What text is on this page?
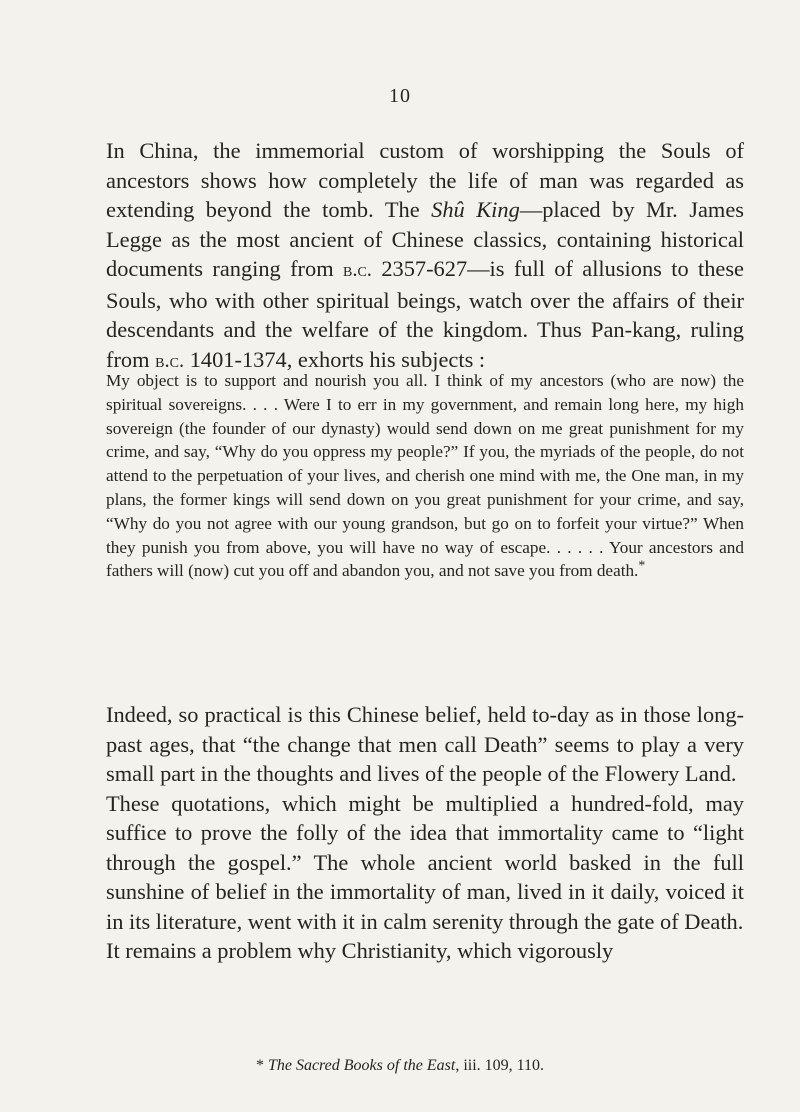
10

In China, the immemorial custom of worshipping the Souls of ancestors shows how completely the life of man was regarded as extending beyond the tomb. The Shû King—placed by Mr. James Legge as the most ancient of Chinese classics, containing historical documents ranging from b.c. 2357-627—is full of allusions to these Souls, who with other spiritual beings, watch over the affairs of their descendants and the welfare of the kingdom. Thus Pan-kang, ruling from b.c. 1401-1374, exhorts his subjects :

My object is to support and nourish you all. I think of my ancestors (who are now) the spiritual sovereigns. . . . Were I to err in my government, and remain long here, my high sovereign (the founder of our dynasty) would send down on me great punishment for my crime, and say, “Why do you oppress my people?” If you, the myriads of the people, do not attend to the perpetuation of your lives, and cherish one mind with me, the One man, in my plans, the former kings will send down on you great punishment for your crime, and say, “Why do you not agree with our young grandson, but go on to forfeit your virtue?” When they punish you from above, you will have no way of escape. . . . . . Your ancestors and fathers will (now) cut you off and abandon you, and not save you from death.*

Indeed, so practical is this Chinese belief, held to-day as in those long-past ages, that “the change that men call Death” seems to play a very small part in the thoughts and lives of the people of the Flowery Land.
These quotations, which might be multiplied a hundred-fold, may suffice to prove the folly of the idea that immortality came to “light through the gospel.” The whole ancient world basked in the full sunshine of belief in the immortality of man, lived in it daily, voiced it in its literature, went with it in calm serenity through the gate of Death.
It remains a problem why Christianity, which vigorously
* The Sacred Books of the East, iii. 109, 110.
